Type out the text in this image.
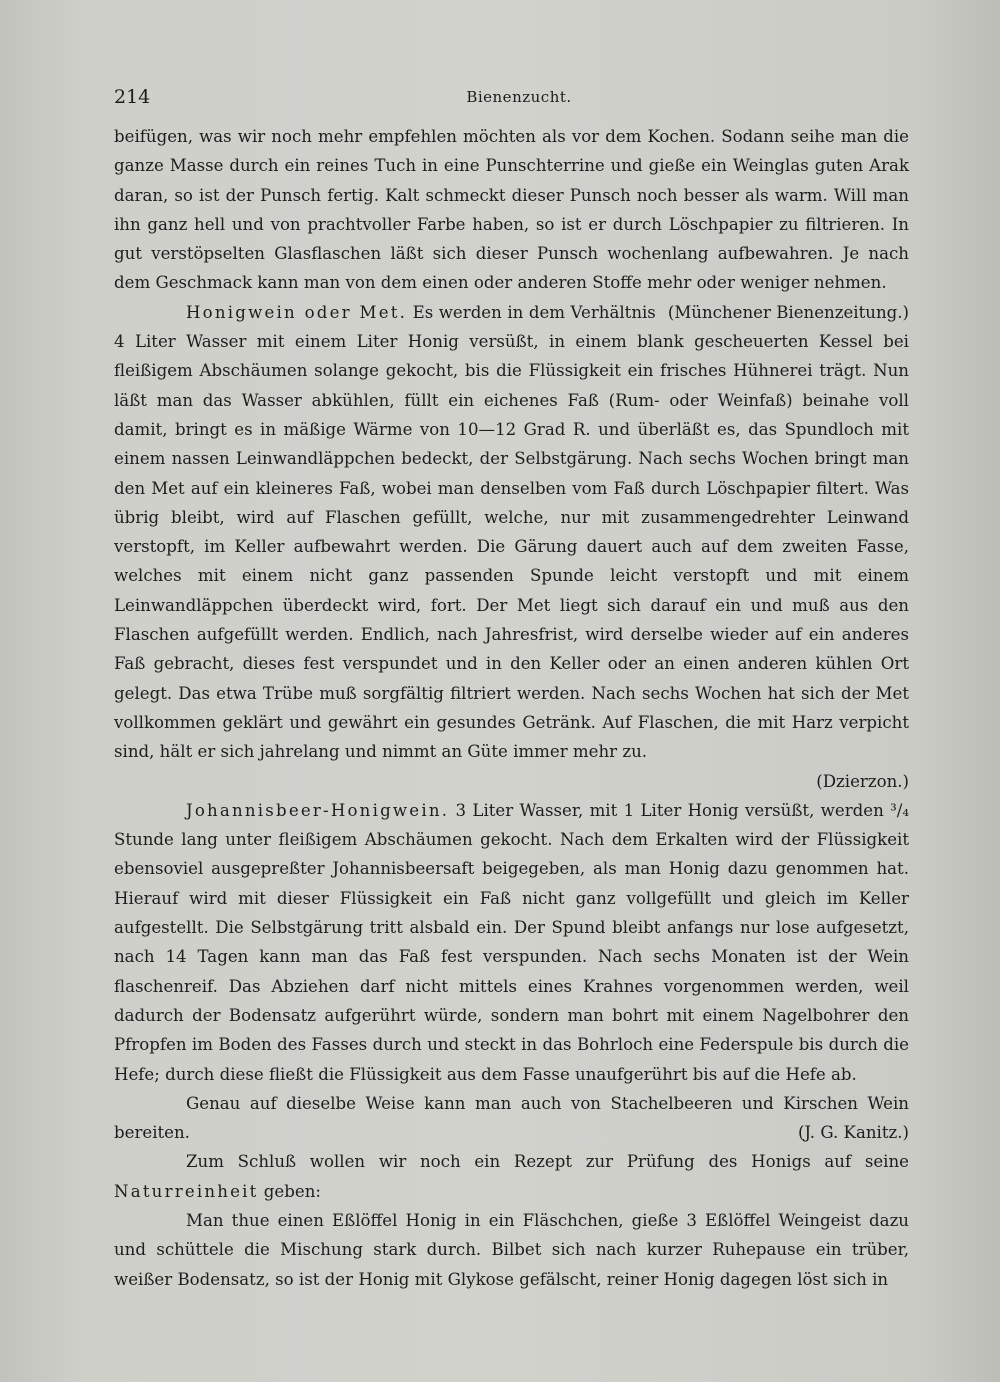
214	Bienenzucht.

beifügen, was wir noch mehr empfehlen möchten als vor dem Kochen. Sodann seihe man die ganze Masse durch ein reines Tuch in eine Punschterrine und gieße ein Weinglas guten Arak daran, so ist der Punsch fertig. Kalt schmeckt dieser Punsch noch besser als warm. Will man ihn ganz hell und von prachtvoller Farbe haben, so ist er durch Löschpapier zu filtrieren. In gut verstöpselten Glasflaschen läßt sich dieser Punsch wochenlang aufbewahren. Je nach dem Geschmack kann man von dem einen oder anderen Stoffe mehr oder weniger nehmen.
(Münchener Bienenzeitung.)

Honigwein oder Met. Es werden in dem Verhältnis 4 Liter Wasser mit einem Liter Honig versüßt, in einem blank gescheuerten Kessel bei fleißigem Abschäumen solange gekocht, bis die Flüssigkeit ein frisches Hühnerei trägt. Nun läßt man das Wasser abkühlen, füllt ein eichenes Faß (Rum- oder Weinfaß) beinahe voll damit, bringt es in mäßige Wärme von 10—12 Grad R. und überläßt es, das Spundloch mit einem nassen Leinwandläppchen bedeckt, der Selbstgärung. Nach sechs Wochen bringt man den Met auf ein kleineres Faß, wobei man denselben vom Faß durch Löschpapier filtert. Was übrig bleibt, wird auf Flaschen gefüllt, welche, nur mit zusammengedrehter Leinwand verstopft, im Keller aufbewahrt werden. Die Gärung dauert auch auf dem zweiten Fasse, welches mit einem nicht ganz passenden Spunde leicht verstopft und mit einem Leinwandläppchen überdeckt wird, fort. Der Met liegt sich darauf ein und muß aus den Flaschen aufgefüllt werden. Endlich, nach Jahresfrist, wird derselbe wieder auf ein anderes Faß gebracht, dieses fest verspundet und in den Keller oder an einen anderen kühlen Ort gelegt. Das etwa Trübe muß sorgfältig filtriert werden. Nach sechs Wochen hat sich der Met vollkommen geklärt und gewährt ein gesundes Getränk. Auf Flaschen, die mit Harz verpicht sind, hält er sich jahrelang und nimmt an Güte immer mehr zu.

(Dzierzon.)

Johannisbeer-Honigwein. 3 Liter Wasser, mit 1 Liter Honig versüßt, werden ³/₄ Stunde lang unter fleißigem Abschäumen gekocht. Nach dem Erkalten wird der Flüssigkeit ebensoviel ausgepreßter Johannisbeersaft beigegeben, als man Honig dazu genommen hat. Hierauf wird mit dieser Flüssigkeit ein Faß nicht ganz vollgefüllt und gleich im Keller aufgestellt. Die Selbstgärung tritt alsbald ein. Der Spund bleibt anfangs nur lose aufgesetzt, nach 14 Tagen kann man das Faß fest verspunden. Nach sechs Monaten ist der Wein flaschenreif. Das Abziehen darf nicht mittels eines Krahnes vorgenommen werden, weil dadurch der Bodensatz aufgerührt würde, sondern man bohrt mit einem Nagelbohrer den Pfropfen im Boden des Fasses durch und steckt in das Bohrloch eine Federspule bis durch die Hefe; durch diese fließt die Flüssigkeit aus dem Fasse unaufgerührt bis auf die Hefe ab.

Genau auf dieselbe Weise kann man auch von Stachelbeeren und Kirschen Wein bereiten.	(J. G. Kanitz.)

Zum Schluß wollen wir noch ein Rezept zur Prüfung des Honigs auf seine Naturreinheit geben:

Man thue einen Eßlöffel Honig in ein Fläschchen, gieße 3 Eßlöffel Weingeist dazu und schüttele die Mischung stark durch. Bilbet sich nach kurzer Ruhepause ein trüber, weißer Bodensatz, so ist der Honig mit Glykose gefälscht, reiner Honig dagegen löst sich in
